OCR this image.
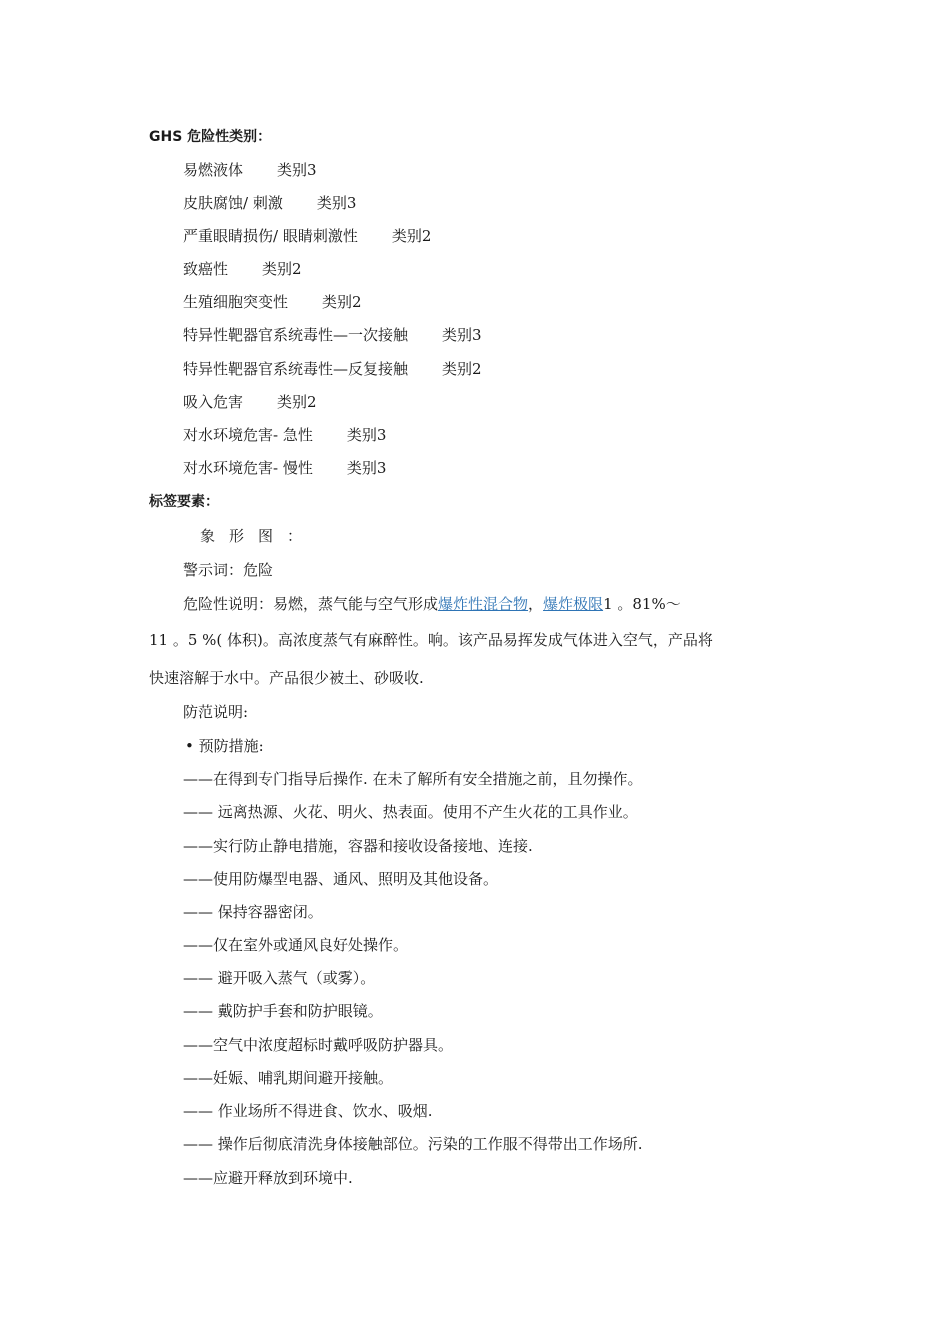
GHS 危险性类别：
易燃液体 类别3
皮肤腐蚀/ 刺激 类别3
严重眼睛损伤/ 眼睛刺激性 类别2
致癌性 类别2
生殖细胞突变性 类别2
特异性靶器官系统毒性—一次接触 类别3
特异性靶器官系统毒性—反复接触 类别2
吸入危害 类别2
对水环境危害- 急性 类别3
对水环境危害- 慢性 类别3
标签要素：
象形图：
警示词：危险
危险性说明：易燃，蒸气能与空气形成爆炸性混合物，爆炸极限1 。81%～
11 。5 %( 体积)。高浓度蒸气有麻醉性。响。该产品易挥发成气体进入空气，产品将
快速溶解于水中。产品很少被土、砂吸收.
防范说明:
• 预防措施:
——在得到专门指导后操作. 在未了解所有安全措施之前，且勿操作。
—— 远离热源、火花、明火、热表面。使用不产生火花的工具作业。
——实行防止静电措施，容器和接收设备接地、连接.
——使用防爆型电器、通风、照明及其他设备。
—— 保持容器密闭。
——仅在室外或通风良好处操作。
—— 避开吸入蒸气（或雾）。
—— 戴防护手套和防护眼镜。
——空气中浓度超标时戴呼吸防护器具。
——妊娠、哺乳期间避开接触。
—— 作业场所不得进食、饮水、吸烟.
—— 操作后彻底清洗身体接触部位。污染的工作服不得带出工作场所.
——应避开释放到环境中.
